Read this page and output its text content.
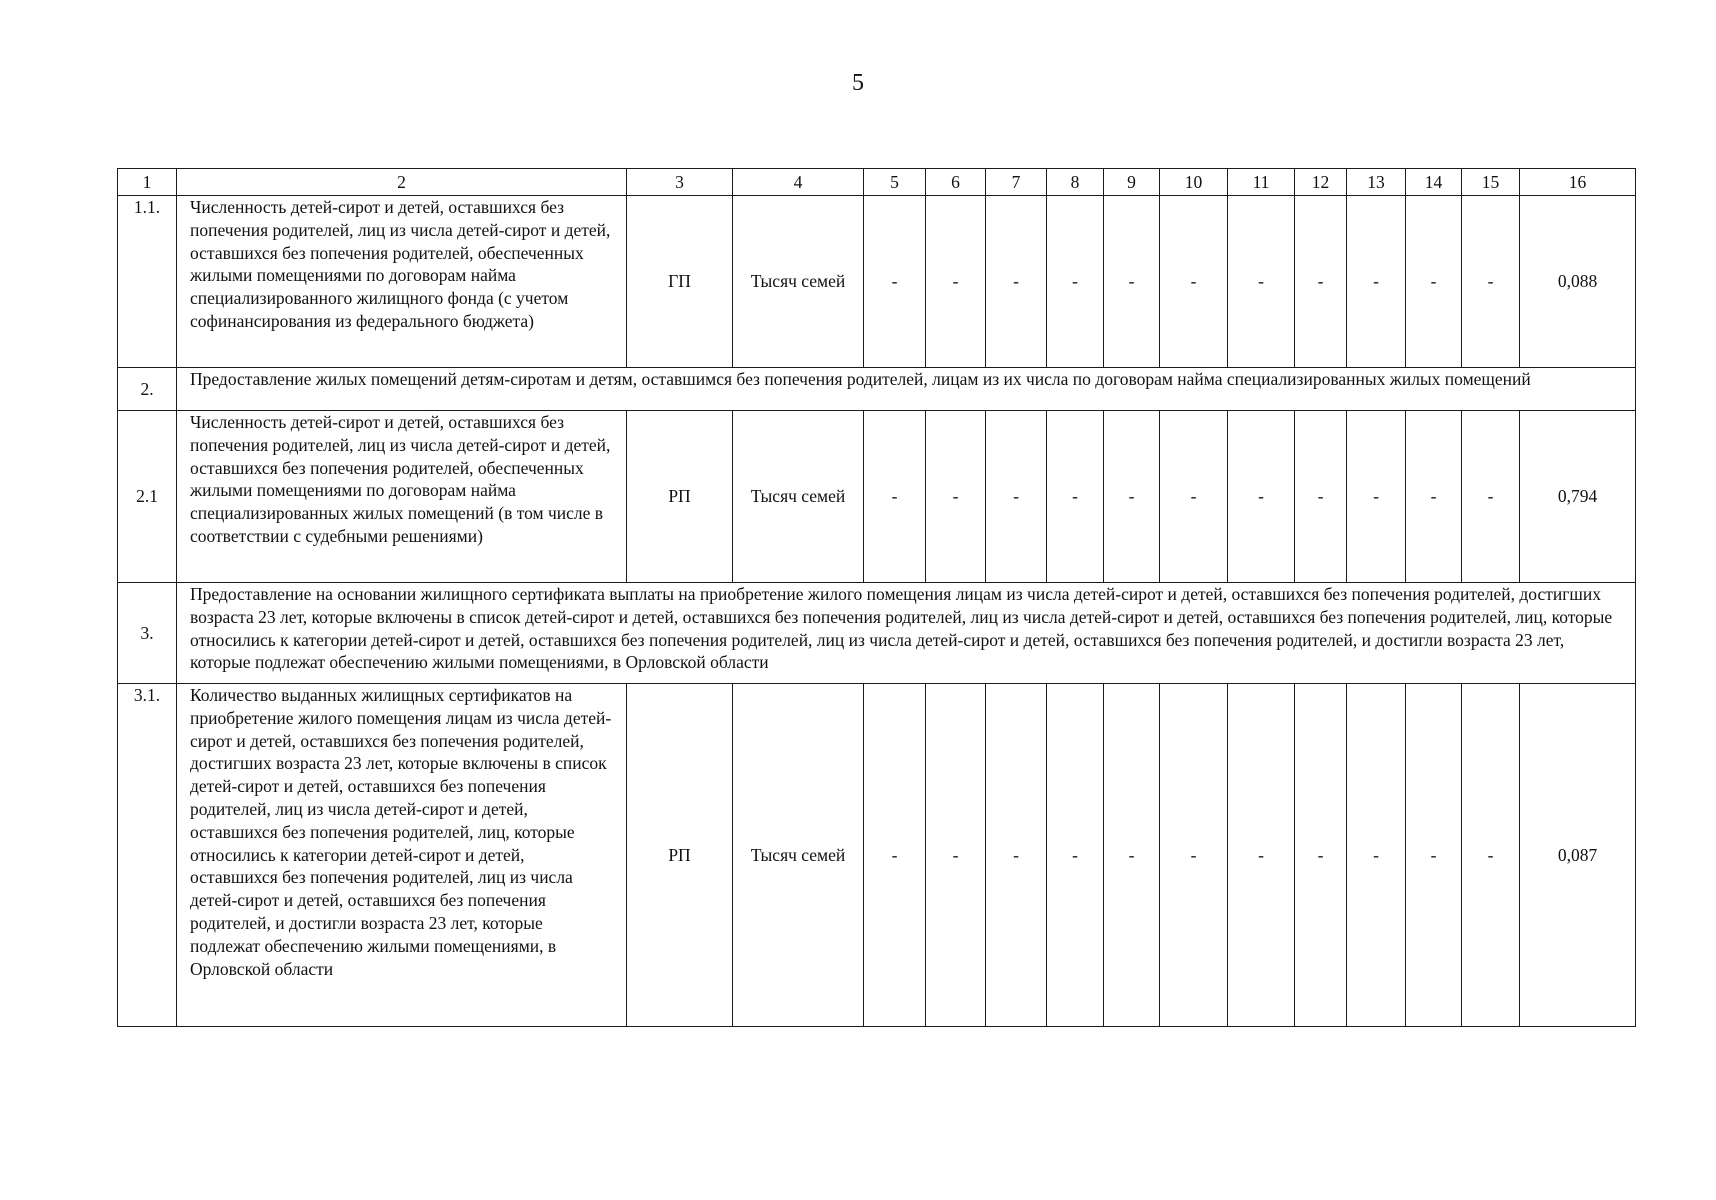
5
1	2	3	4	5	6	7	8	9	10	11	12	13	14	15	16
1.1.	Численность детей-сирот и детей, оставшихся без попечения родителей, лиц из числа детей-сирот и детей, оставшихся без попечения родителей, обеспеченных жилыми помещениями по договорам найма специализированного жилищного фонда (с учетом софинансирования из федерального бюджета)	ГП	Тысяч семей	-	-	-	-	-	-	-	-	-	-	-	0,088
2.	Предоставление жилых помещений детям-сиротам и детям, оставшимся без попечения родителей, лицам из их числа по договорам найма специализированных жилых помещений														
2.1	Численность детей-сирот и детей, оставшихся без попечения родителей, лиц из числа детей-сирот и детей, оставшихся без попечения родителей, обеспеченных жилыми помещениями по договорам найма специализированных жилых помещений (в том числе в соответствии с судебными решениями)	РП	Тысяч семей	-	-	-	-	-	-	-	-	-	-	-	0,794
3.	Предоставление на основании жилищного сертификата выплаты на приобретение жилого помещения лицам из числа детей-сирот и детей, оставшихся без попечения родителей, достигших возраста 23 лет, которые включены в список детей-сирот и детей, оставшихся без попечения родителей, лиц из числа детей-сирот и детей, оставшихся без попечения родителей, лиц, которые относились к категории детей-сирот и детей, оставшихся без попечения родителей, лиц из числа детей-сирот и детей, оставшихся без попечения родителей, и достигли возраста 23 лет, которые подлежат обеспечению жилыми помещениями, в Орловской области														
3.1.	Количество выданных жилищных сертификатов на приобретение жилого помещения лицам из числа детей-сирот и детей, оставшихся без попечения родителей, достигших возраста 23 лет, которые включены в список детей-сирот и детей, оставшихся без попечения родителей, лиц из числа детей-сирот и детей, оставшихся без попечения родителей, лиц, которые относились к категории детей-сирот и детей, оставшихся без попечения родителей, лиц из числа детей-сирот и детей, оставшихся без попечения родителей, и достигли возраста 23 лет, которые подлежат обеспечению жилыми помещениями, в Орловской области	РП	Тысяч семей	-	-	-	-	-	-	-	-	-	-	-	0,087
